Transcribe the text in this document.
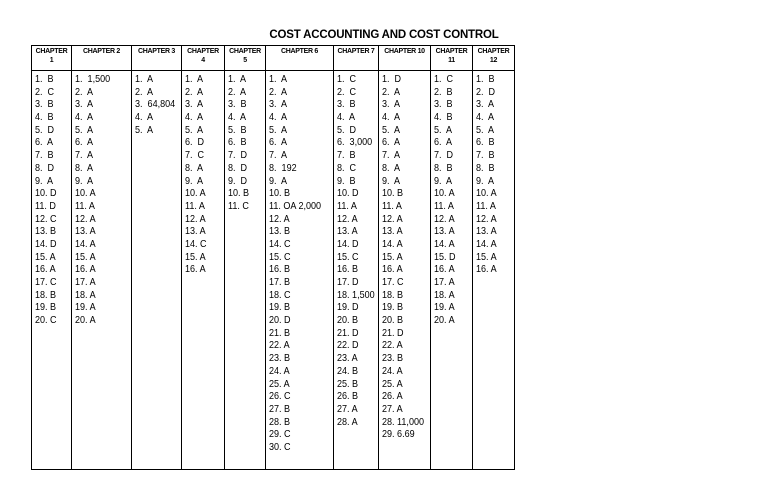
COST ACCOUNTING AND COST CONTROL
CHAPTER
1
1.  B
2.  C
3.  B
4.  B
5.  D
6.  A
7.  B
8.  D
9.  A
10. D
11. D
12. C
13. B
14. D
15. A
16. A
17. C
18. B
19. B
20. C
CHAPTER 2
1.  1,500
2.  A
3.  A
4.  A
5.  A
6.  A
7.  A
8.  A
9.  A
10. A
11. A
12. A
13. A
14. A
15. A
16. A
17. A
18. A
19. A
20. A
CHAPTER 3
1.  A
2.  A
3.  64,804
4.  A
5.  A
CHAPTER
4
1.  A
2.  A
3.  A
4.  A
5.  A
6.  D
7.  C
8.  A
9.  A
10. A
11. A
12. A
13. A
14. C
15. A
16. A
CHAPTER
5
1.  A
2.  A
3.  B
4.  A
5.  B
6.  B
7.  D
8.  D
9.  D
10. B
11. C
CHAPTER 6
1.  A
2.  A
3.  A
4.  A
5.  A
6.  A
7.  A
8.  192
9.  A
10. B
11. OA 2,000
12. A
13. B
14. C
15. C
16. B
17. B
18. C
19. B
20. D
21. B
22. A
23. B
24. A
25. A
26. C
27. B
28. B
29. C
30. C
CHAPTER 7
1.  C
2.  C
3.  B
4.  A
5.  D
6.  3,000
7.  B
8.  C
9.  B
10. D
11. A
12. A
13. A
14. D
15. C
16. B
17. D
18. 1,500
19. D
20. B
21. D
22. D
23. A
24. B
25. B
26. B
27. A
28. A
CHAPTER 10
1.  D
2.  A
3.  A
4.  A
5.  A
6.  A
7.  A
8.  A
9.  A
10. B
11. A
12. A
13. A
14. A
15. A
16. A
17. C
18. B
19. B
20. B
21. D
22. A
23. B
24. A
25. A
26. A
27. A
28. 11,000
29. 6.69
CHAPTER
11
1.  C
2.  B
3.  B
4.  B
5.  A
6.  A
7.  D
8.  B
9.  A
10. A
11. A
12. A
13. A
14. A
15. D
16. A
17. A
18. A
19. A
20. A
CHAPTER
12
1.  B
2.  D
3.  A
4.  A
5.  A
6.  B
7.  B
8.  B
9.  A
10. A
11. A
12. A
13. A
14. A
15. A
16. A
